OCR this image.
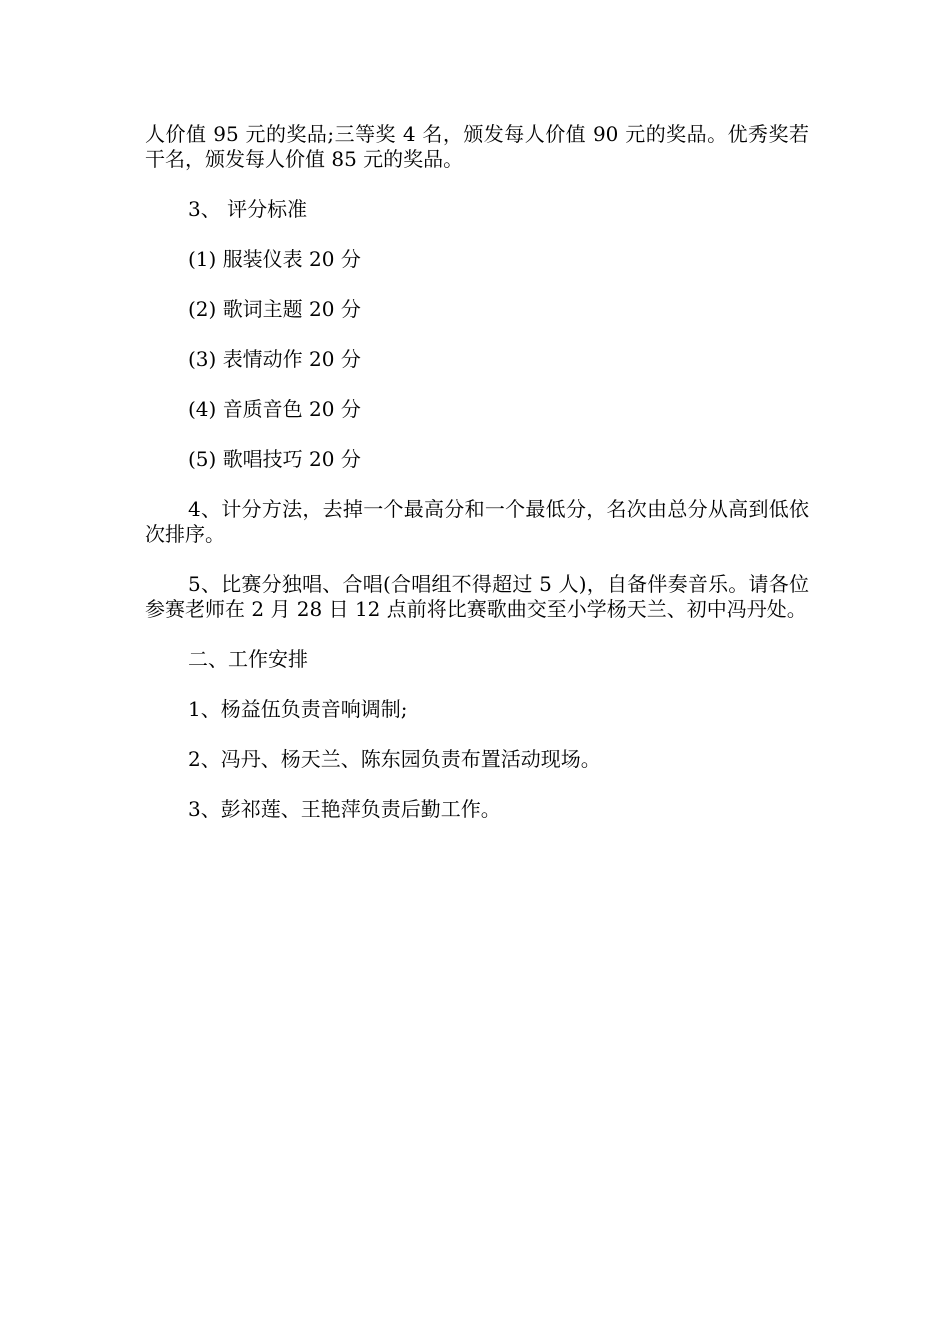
人价值 95 元的奖品;三等奖 4 名，颁发每人价值 90 元的奖品。优秀奖若干名，颁发每人价值 85 元的奖品。

3、 评分标准

(1) 服装仪表 20 分

(2) 歌词主题 20 分

(3) 表情动作 20 分

(4) 音质音色 20 分

(5) 歌唱技巧 20 分

4、计分方法，去掉一个最高分和一个最低分，名次由总分从高到低依次排序。

5、比赛分独唱、合唱(合唱组不得超过 5 人)，自备伴奏音乐。请各位参赛老师在 2 月 28 日 12 点前将比赛歌曲交至小学杨天兰、初中冯丹处。

二、工作安排

1、杨益伍负责音响调制;

2、冯丹、杨天兰、陈东园负责布置活动现场。

3、彭祁莲、王艳萍负责后勤工作。
